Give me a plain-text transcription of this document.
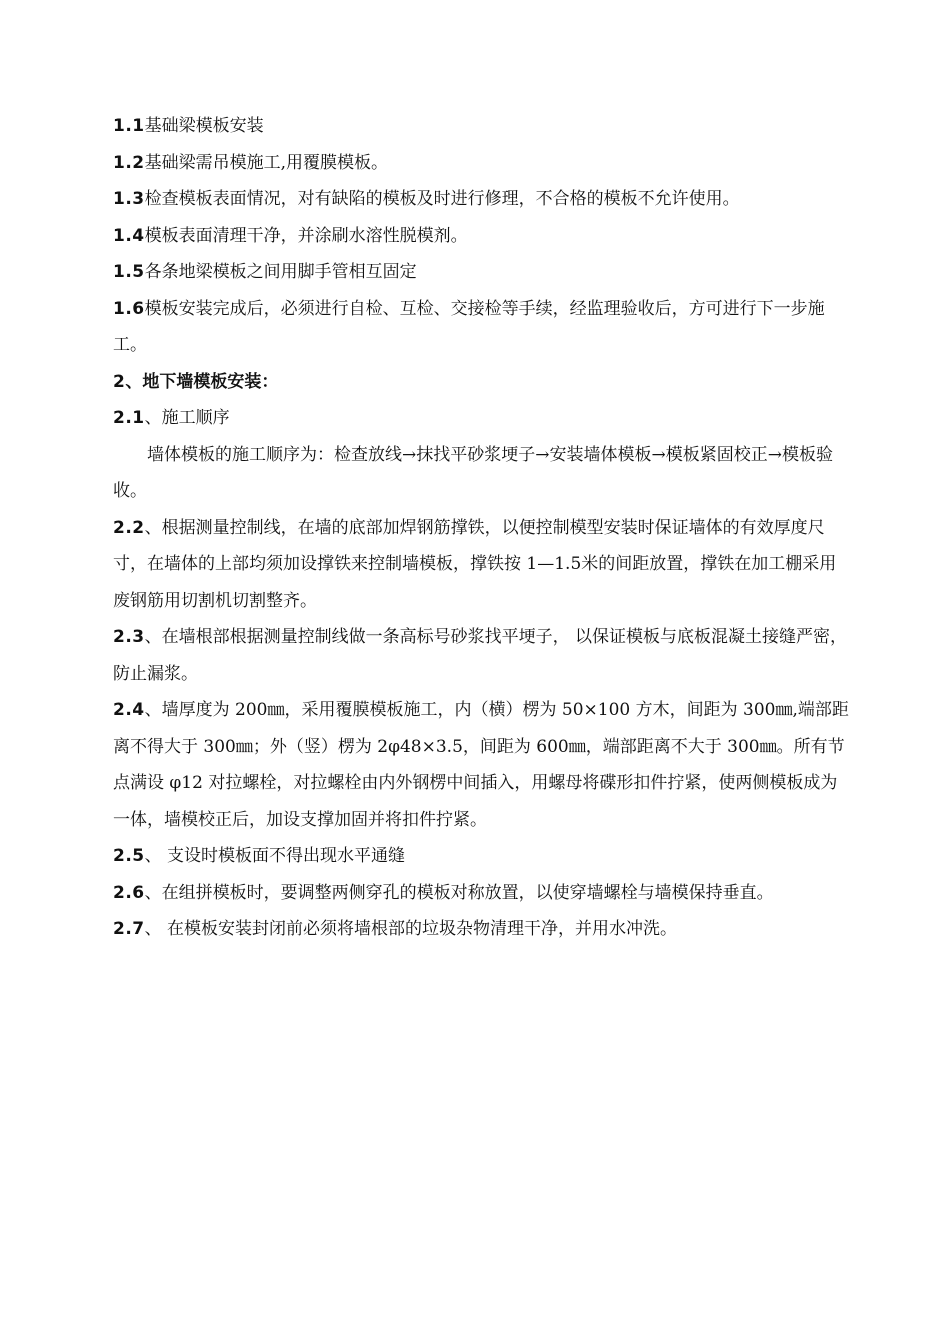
1.1基础梁模板安装

1.2基础梁需吊模施工,用覆膜模板。

1.3检查模板表面情况，对有缺陷的模板及时进行修理，不合格的模板不允许使用。

1.4模板表面清理干净，并涂刷水溶性脱模剂。

1.5各条地梁模板之间用脚手管相互固定

1.6模板安装完成后，必须进行自检、互检、交接检等手续，经监理验收后，方可进行下一步施工。

2、地下墙模板安装：

2.1、施工顺序

墙体模板的施工顺序为：检查放线→抹找平砂浆埂子→安装墙体模板→模板紧固校正→模板验收。

2.2、根据测量控制线，在墙的底部加焊钢筋撑铁，以便控制模型安装时保证墙体的有效厚度尺寸，在墙体的上部均须加设撑铁来控制墙模板，撑铁按 1—1.5米的间距放置，撑铁在加工棚采用废钢筋用切割机切割整齐。

2.3、在墙根部根据测量控制线做一条高标号砂浆找平埂子， 以保证模板与底板混凝土接缝严密，防止漏浆。

2.4、墙厚度为 200㎜，采用覆膜模板施工，内（横）楞为 50×100 方木，间距为 300㎜,端部距离不得大于 300㎜；外（竖）楞为 2φ48×3.5，间距为 600㎜，端部距离不大于 300㎜。所有节点满设 φ12 对拉螺栓，对拉螺栓由内外钢楞中间插入，用螺母将碟形扣件拧紧，使两侧模板成为一体，墙模校正后，加设支撑加固并将扣件拧紧。

2.5、 支设时模板面不得出现水平通缝

2.6、在组拼模板时，要调整两侧穿孔的模板对称放置，以使穿墙螺栓与墙模保持垂直。

2.7、 在模板安装封闭前必须将墙根部的垃圾杂物清理干净，并用水冲洗。
